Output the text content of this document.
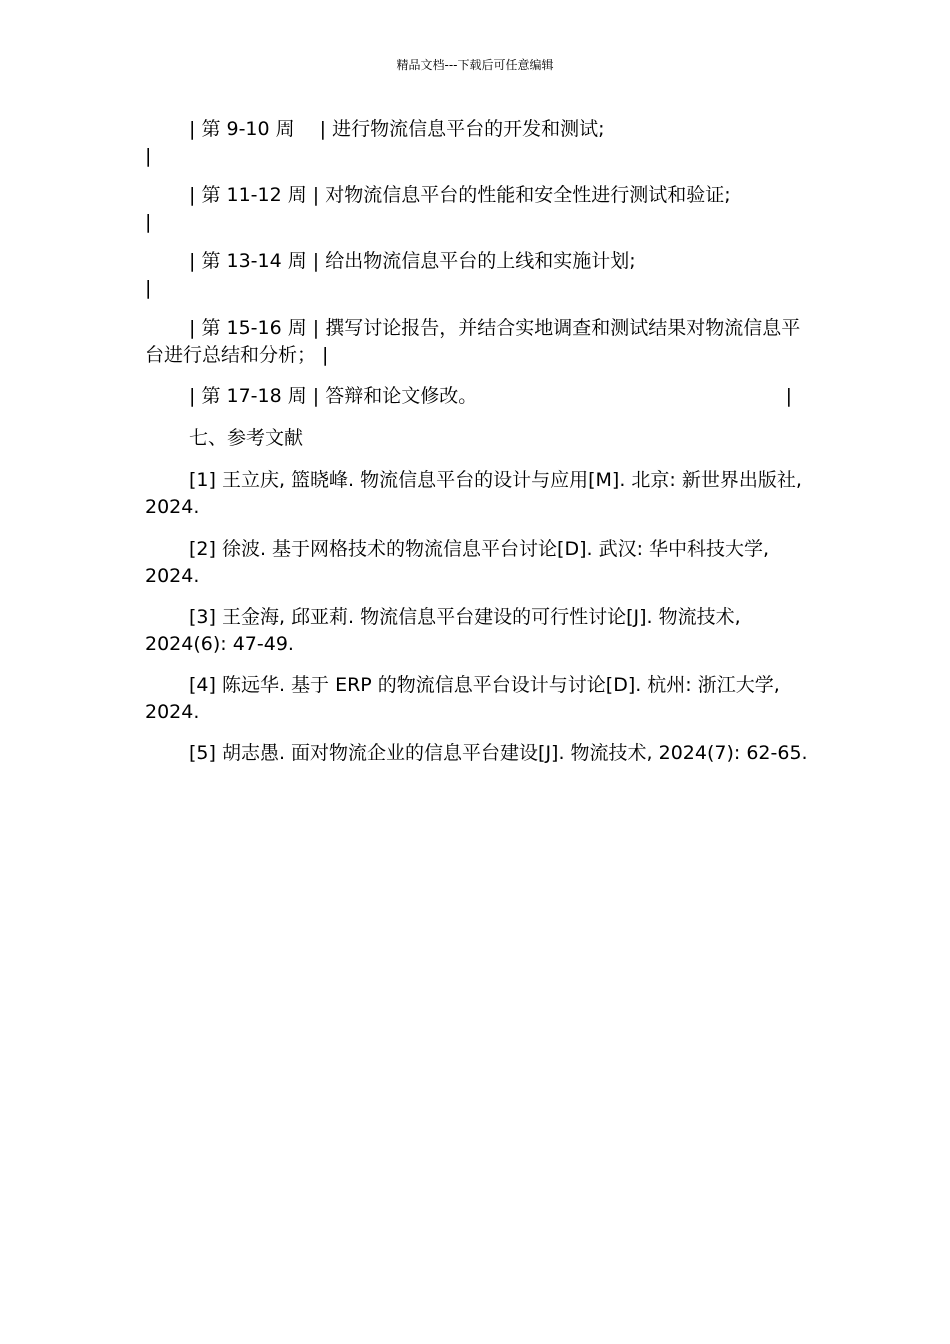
精品文档---下载后可任意编辑
| 第 9-10 周 　| 进行物流信息平台的开发和测试;
|
| 第 11-12 周 | 对物流信息平台的性能和安全性进行测试和验证;
|
| 第 13-14 周 | 给出物流信息平台的上线和实施计划;
|
| 第 15-16 周 | 撰写讨论报告，并结合实地调查和测试结果对物流信息平台进行总结和分析； |
| 第 17-18 周 | 答辩和论文修改。	|
七、参考文献
[1] 王立庆, 篮晓峰. 物流信息平台的设计与应用[M]. 北京: 新世界出版社, 2024.
[2] 徐波. 基于网格技术的物流信息平台讨论[D]. 武汉: 华中科技大学, 2024.
[3] 王金海, 邱亚莉. 物流信息平台建设的可行性讨论[J]. 物流技术, 2024(6): 47-49.
[4] 陈远华. 基于 ERP 的物流信息平台设计与讨论[D]. 杭州: 浙江大学, 2024.
[5] 胡志愚. 面对物流企业的信息平台建设[J]. 物流技术, 2024(7): 62-65.
